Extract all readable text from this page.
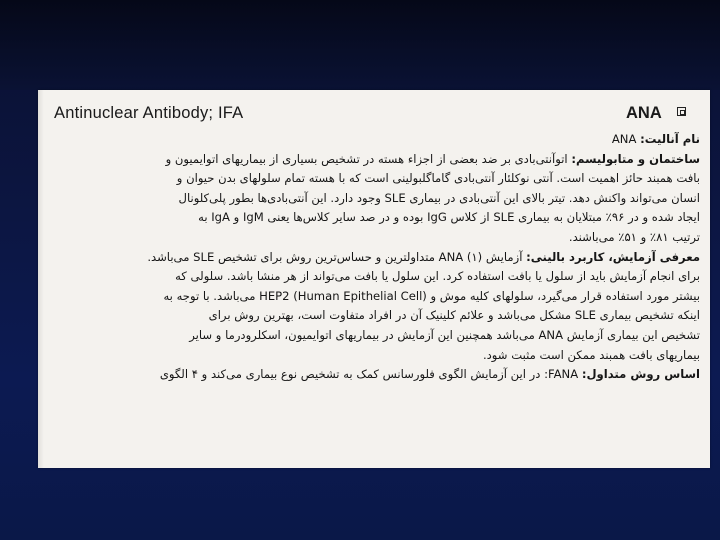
Antinuclear Antibody; IFA	ANA
نام آنالیت: ANA
ساختمان و متابولیسم: اتوآنتی‌بادی بر ضد بعضی از اجزاء هسته در تشخیص بسیاری از بیماریهای اتوایمیون و
بافت همبند حائز اهمیت است. آنتی نوکلئار آنتی‌بادی گاماگلبولینی است که با هسته تمام سلولهای بدن حیوان و
انسان می‌تواند واکنش دهد. تیتر بالای این آنتی‌بادی در بیماری SLE وجود دارد. این آنتی‌بادی‌ها بطور پلی‌کلونال
ایجاد شده و در ۹۶٪ مبتلایان به بیماری SLE از کلاس IgG بوده و در صد سایر کلاس‌ها یعنی IgM و IgA به
ترتیب ۸۱٪ و ۵۱٪ می‌باشند.
معرفی آزمایش، کاربرد بالینی: آزمایش ANA (۱) متداولترین و حساس‌ترین روش برای تشخیص SLE می‌باشد.
برای انجام آزمایش باید از سلول یا بافت استفاده کرد. این سلول یا بافت می‌تواند از هر منشا باشد. سلولی که
بیشتر مورد استفاده قرار می‌گیرد، سلولهای کلیه موش و HEP2 (Human Epithelial Cell) می‌باشد. با توجه به
اینکه تشخیص بیماری SLE مشکل می‌باشد و علائم کلینیک آن در افراد متفاوت است، بهترین روش برای
تشخیص این بیماری آزمایش ANA می‌باشد همچنین این آزمایش در بیماریهای اتوایمیون، اسکلرودرما و سایر
بیماریهای بافت همبند ممکن است مثبت شود.
اساس روش متداول: FANA: در این آزمایش الگوی فلورسانس کمک به تشخیص نوع بیماری می‌کند و ۴ الگوی
